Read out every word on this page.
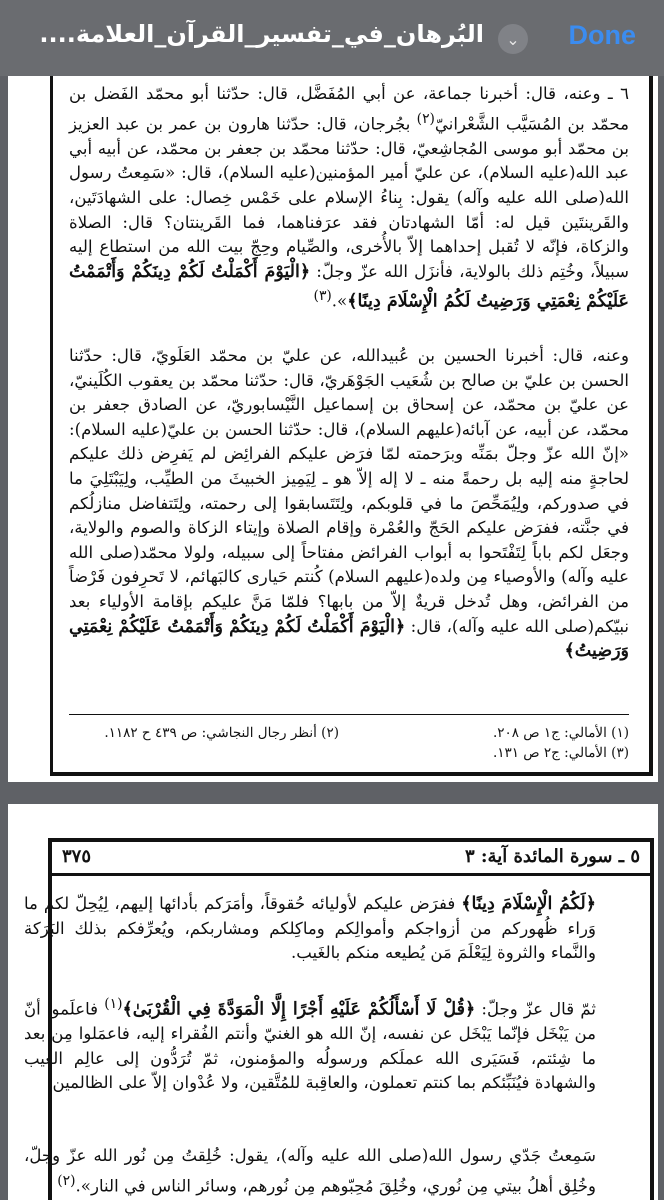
البُرهان_في_تفسير_القرآن_العلامة....	⌄	Done
٦ ـ وعنه، قال: أخبرنا جماعة، عن أبي المُفَضَّل، قال: حدّثنا أبو محمّد الفَضل بن محمّد بن المُسَيَّب الشَّعْرانيّ$^{(٢)}$ بجُرجان، قال: حدّثنا هارون بن عمر بن عبد العزيز بن محمّد أبو موسى المُجاشِعيّ، قال: حدّثنا محمّد بن جعفر بن محمّد، عن أبيه أبي عبد الله(عليه السلام)، عن عليّ أمير المؤمنين(عليه السلام)، قال: «سَمِعتُ رسول الله(صلى الله عليه وآله) يقول: بِناءُ الإسلام على خَمْس خِصال: على الشهادَتَين، والقَرينتَين قيل له: أمّا الشهادتان فقد عرَفناهما، فما القَرينتان؟ قال: الصلاة والزكاة، فإنّه لا تُقبل إحداهما إلاّ بالأُخرى، والصِّيام وحِجّ بيت الله من استطاع إليه سبيلاً، وخُتِم ذلك بالولاية، فأنزَل الله عزّ وجلّ: ﴿الْيَوْمَ أَكْمَلْتُ لَكُمْ دِينَكُمْ وَأَتْمَمْتُ عَلَيْكُمْ نِعْمَتِي وَرَضِيتُ لَكُمُ الْإِسْلَامَ دِينًا﴾».$^{(٣)}$
وعنه، قال: أخبرنا الحسين بن عُبيدالله، عن عليّ بن محمّد العَلَويّ، قال: حدّثنا الحسن بن عليّ بن صالح بن شُعَيب الجَوْهَريّ، قال: حدّثنا محمّد بن يعقوب الكُلَينيّ، عن عليّ بن محمّد، عن إسحاق بن إسماعيل النَّيْسابوريّ، عن الصادق جعفر بن محمّد، عن أبيه، عن آبائه(عليهم السلام)، قال: حدّثنا الحسن بن عليّ(عليه السلام): «إنّ الله عزّ وجلّ بمَنِّه وبرَحمته لمّا فرَض عليكم الفرائِض لم يَفرِض ذلك عليكم لحاجةٍ منه إليه بل رحمةً منه ـ لا إله إلاّ هو ـ لِيَمِيز الخبيثَ من الطيِّب، ولِيَبْتَلِيَ ما في صدوركم، ولِيُمَحِّصَ ما في قلوبكم، ولِتَتَسابقوا إلى رحمته، ولِتَتفاضل منازلُكم في جنَّته، ففرَض عليكم الحَجّ والعُمْرة وإقام الصلاة وإيتاء الزكاة والصوم والولاية، وجعَل لكم باباً لِتَفْتَحوا به أبواب الفرائض مفتاحاً إلى سبيله، ولولا محمّد(صلى الله عليه وآله) والأوصياء مِن ولده(عليهم السلام) كُنتم حَيارى كالبَهائم، لا تَحرِفون فَرْضاً من الفرائض، وهل تُدخل قريةٌ إلاّ من بابها؟ فلمّا مَنَّ عليكم بإقامة الأولياء بعد نبيّكم(صلى الله عليه وآله)، قال: ﴿الْيَوْمَ أَكْمَلْتُ لَكُمْ دِينَكُمْ وَأَتْمَمْتُ عَلَيْكُمْ نِعْمَتِي وَرَضِيتُ﴾
(١) الأمالي: ج١ ص ٢٠٨.
(٢) أنظر رجال النجاشي: ص ٤٣٩ ح ١١٨٢.
(٣) الأمالي: ج٢ ص ١٣١.
٥ ـ سورة المائدة آية: ٣
٣٧٥
﴿لَكُمُ الْإِسْلَامَ دِينًا﴾ ففرَض عليكم لأوليائه حُقوقاً، وأمَرَكم بأدائها إليهم، لِيُحِلّ لكم ما وَراء ظُهوركم من أزواجكم وأموالِكم وماكِلكم ومشاربكم، ويُعرِّفكم بذلك البَرَكة والنَّماء والثروة لِيَعْلَمَ مَن يُطيعه منكم بالغَيب.
ثمّ قال عزّ وجلّ: ﴿قُلْ لَا أَسْأَلُكُمْ عَلَيْهِ أَجْرًا إِلَّا الْمَوَدَّةَ فِي الْقُرْبَىٰ﴾$^{(١)}$ فاعلَموا أنّ من يَبْخَل فإنّما يَبْخَل عن نفسه، إنّ الله هو الغنيّ وأنتم الفُقراء إليه، فاعمَلوا مِن بعد ما شِئتم، فَسَيَرى الله عملَكم ورسولُه والمؤمنون، ثمّ تُرَدُّون إلى عالِم الغيب والشهادة فيُنَبِّئكم بما كنتم تعملون، والعاقِبة للمُتَّقين، ولا عُدْوان إلاّ على الظالمين.
سَمِعتُ جَدّي رسول الله(صلى الله عليه وآله)، يقول: خُلِقتُ مِن نُور الله عزّ وجلّ، وخُلِق أهلُ بيتي مِن نُوري، وخُلِقَ مُحِبّوهم مِن نُورهم، وسائر الناس في النار».$^{(٢)}$
